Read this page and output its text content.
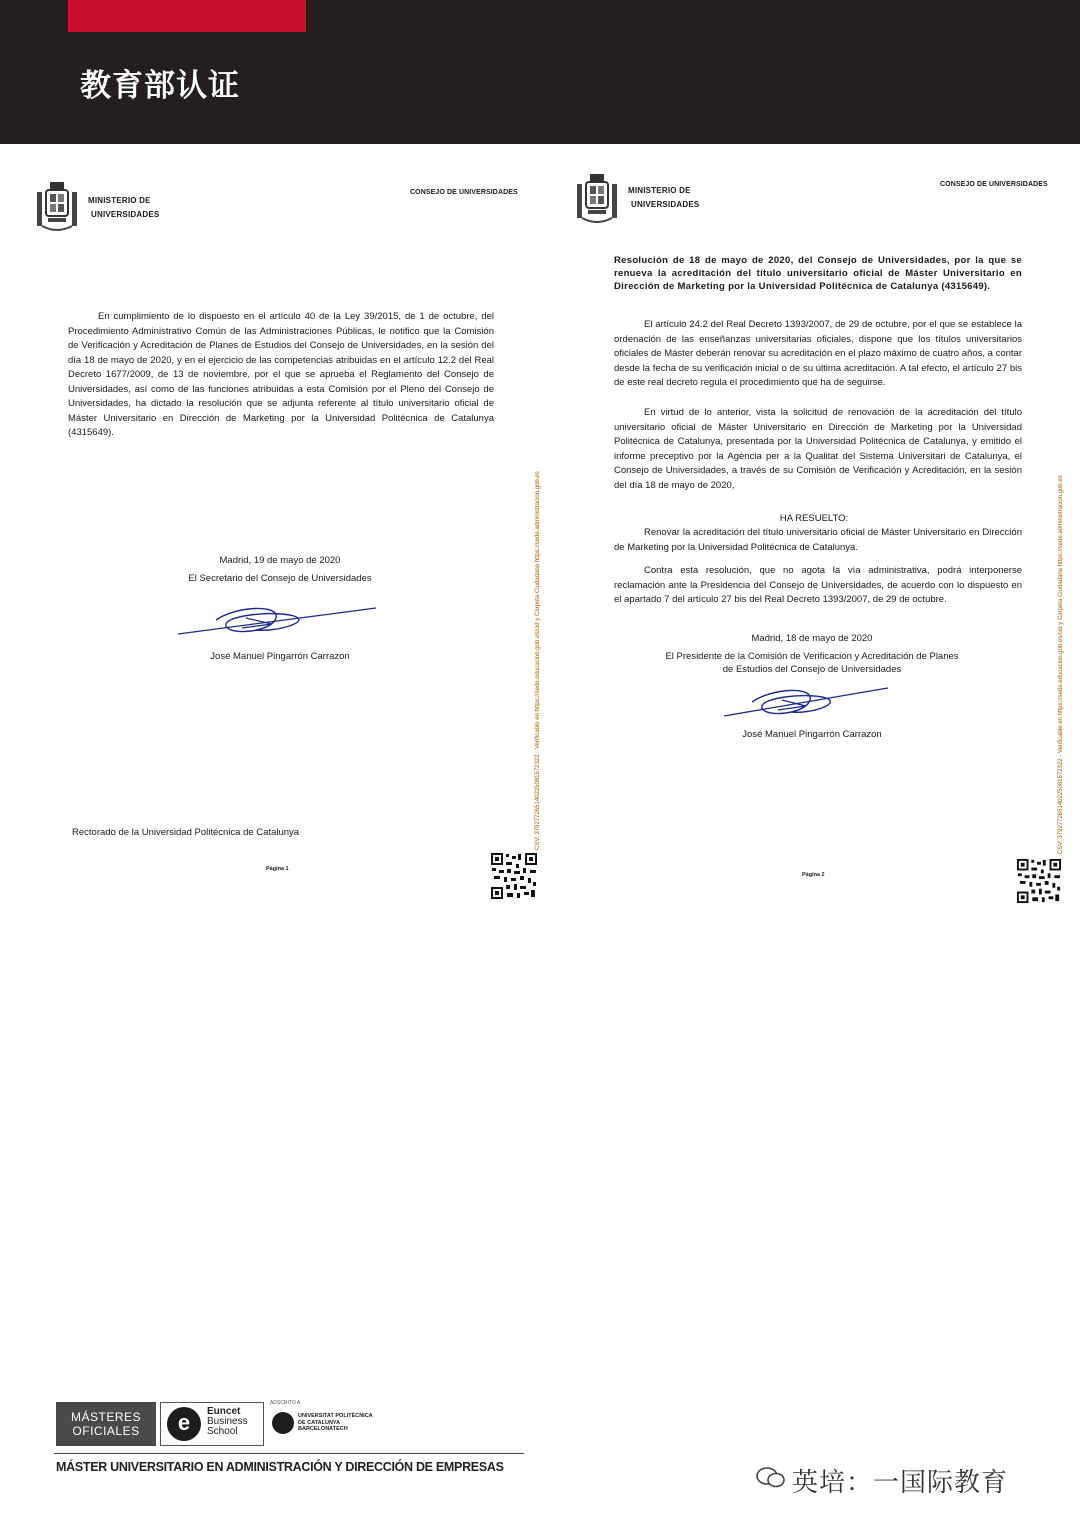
教育部认证
MINISTERIO DE
UNIVERSIDADES
CONSEJO DE UNIVERSIDADES
En cumplimiento de lo dispuesto en el artículo 40 de la Ley 39/2015, de 1 de octubre, del Procedimiento Administrativo Común de las Administraciones Públicas, le notifico que la Comisión de Verificación y Acreditación de Planes de Estudios del Consejo de Universidades, en la sesión del día 18 de mayo de 2020, y en el ejercicio de las competencias atribuidas en el artículo 12.2 del Real Decreto 1677/2009, de 13 de noviembre, por el que se aprueba el Reglamento del Consejo de Universidades, así como de las funciones atribuidas a esta Comisión por el Pleno del Consejo de Universidades, ha dictado la resolución que se adjunta referente al título universitario oficial de Máster Universitario en Dirección de Marketing por la Universidad Politécnica de Catalunya (4315649).
Madrid, 19 de mayo de 2020
El Secretario del Consejo de Universidades
José Manuel Pingarrón Carrazon
Rectorado de la Universidad Politécnica de Catalunya
Página 1
CSV: 379277265140225081572322 - Verificable en https://sede.educacion.gob.es/cid y Carpeta Ciudadana https://sede.administracion.gob.es
MINISTERIO DE
UNIVERSIDADES
CONSEJO DE UNIVERSIDADES
Resolución de 18 de mayo de 2020, del Consejo de Universidades, por la que se renueva la acreditación del título universitario oficial de Máster Universitario en Dirección de Marketing por la Universidad Politécnica de Catalunya (4315649).
El artículo 24.2 del Real Decreto 1393/2007, de 29 de octubre, por el que se establece la ordenación de las enseñanzas universitarias oficiales, dispone que los títulos universitarios oficiales de Máster deberán renovar su acreditación en el plazo máximo de cuatro años, a contar desde la fecha de su verificación inicial o de su última acreditación. A tal efecto, el artículo 27 bis de este real decreto regula el procedimiento que ha de seguirse.
En virtud de lo anterior, vista la solicitud de renovación de la acreditación del título universitario oficial de Máster Universitario en Dirección de Marketing por la Universidad Politécnica de Catalunya, presentada por la Universidad Politécnica de Catalunya, y emitido el informe preceptivo por la Agència per a la Qualitat del Sistema Universitari de Catalunya, el Consejo de Universidades, a través de su Comisión de Verificación y Acreditación, en la sesión del día 18 de mayo de 2020,
HA RESUELTO:
Renovar la acreditación del título universitario oficial de Máster Universitario en Dirección de Marketing por la Universidad Politécnica de Catalunya.
Contra esta resolución, que no agota la vía administrativa, podrá interponerse reclamación ante la Presidencia del Consejo de Universidades, de acuerdo con lo dispuesto en el apartado 7 del artículo 27 bis del Real Decreto 1393/2007, de 29 de octubre.
Madrid, 18 de mayo de 2020
El Presidente de la Comisión de Verificación y Acreditación de Planes
de Estudios del Consejo de Universidades
José Manuel Pingarrón Carrazon
Página 2
CSV: 379277265140225081572322 - Verificable en https://sede.educacion.gob.es/cid y Carpeta Ciudadana https://sede.administracion.gob.es
MÁSTERES
OFICIALES	e	Euncet
Business
School
ADSCRITO A
UNIVERSITAT POLITÈCNICA
DE CATALUNYA
BARCELONATECH
MÁSTER UNIVERSITARIO EN ADMINISTRACIÓN Y DIRECCIÓN DE EMPRESAS	英培：一国际教育
